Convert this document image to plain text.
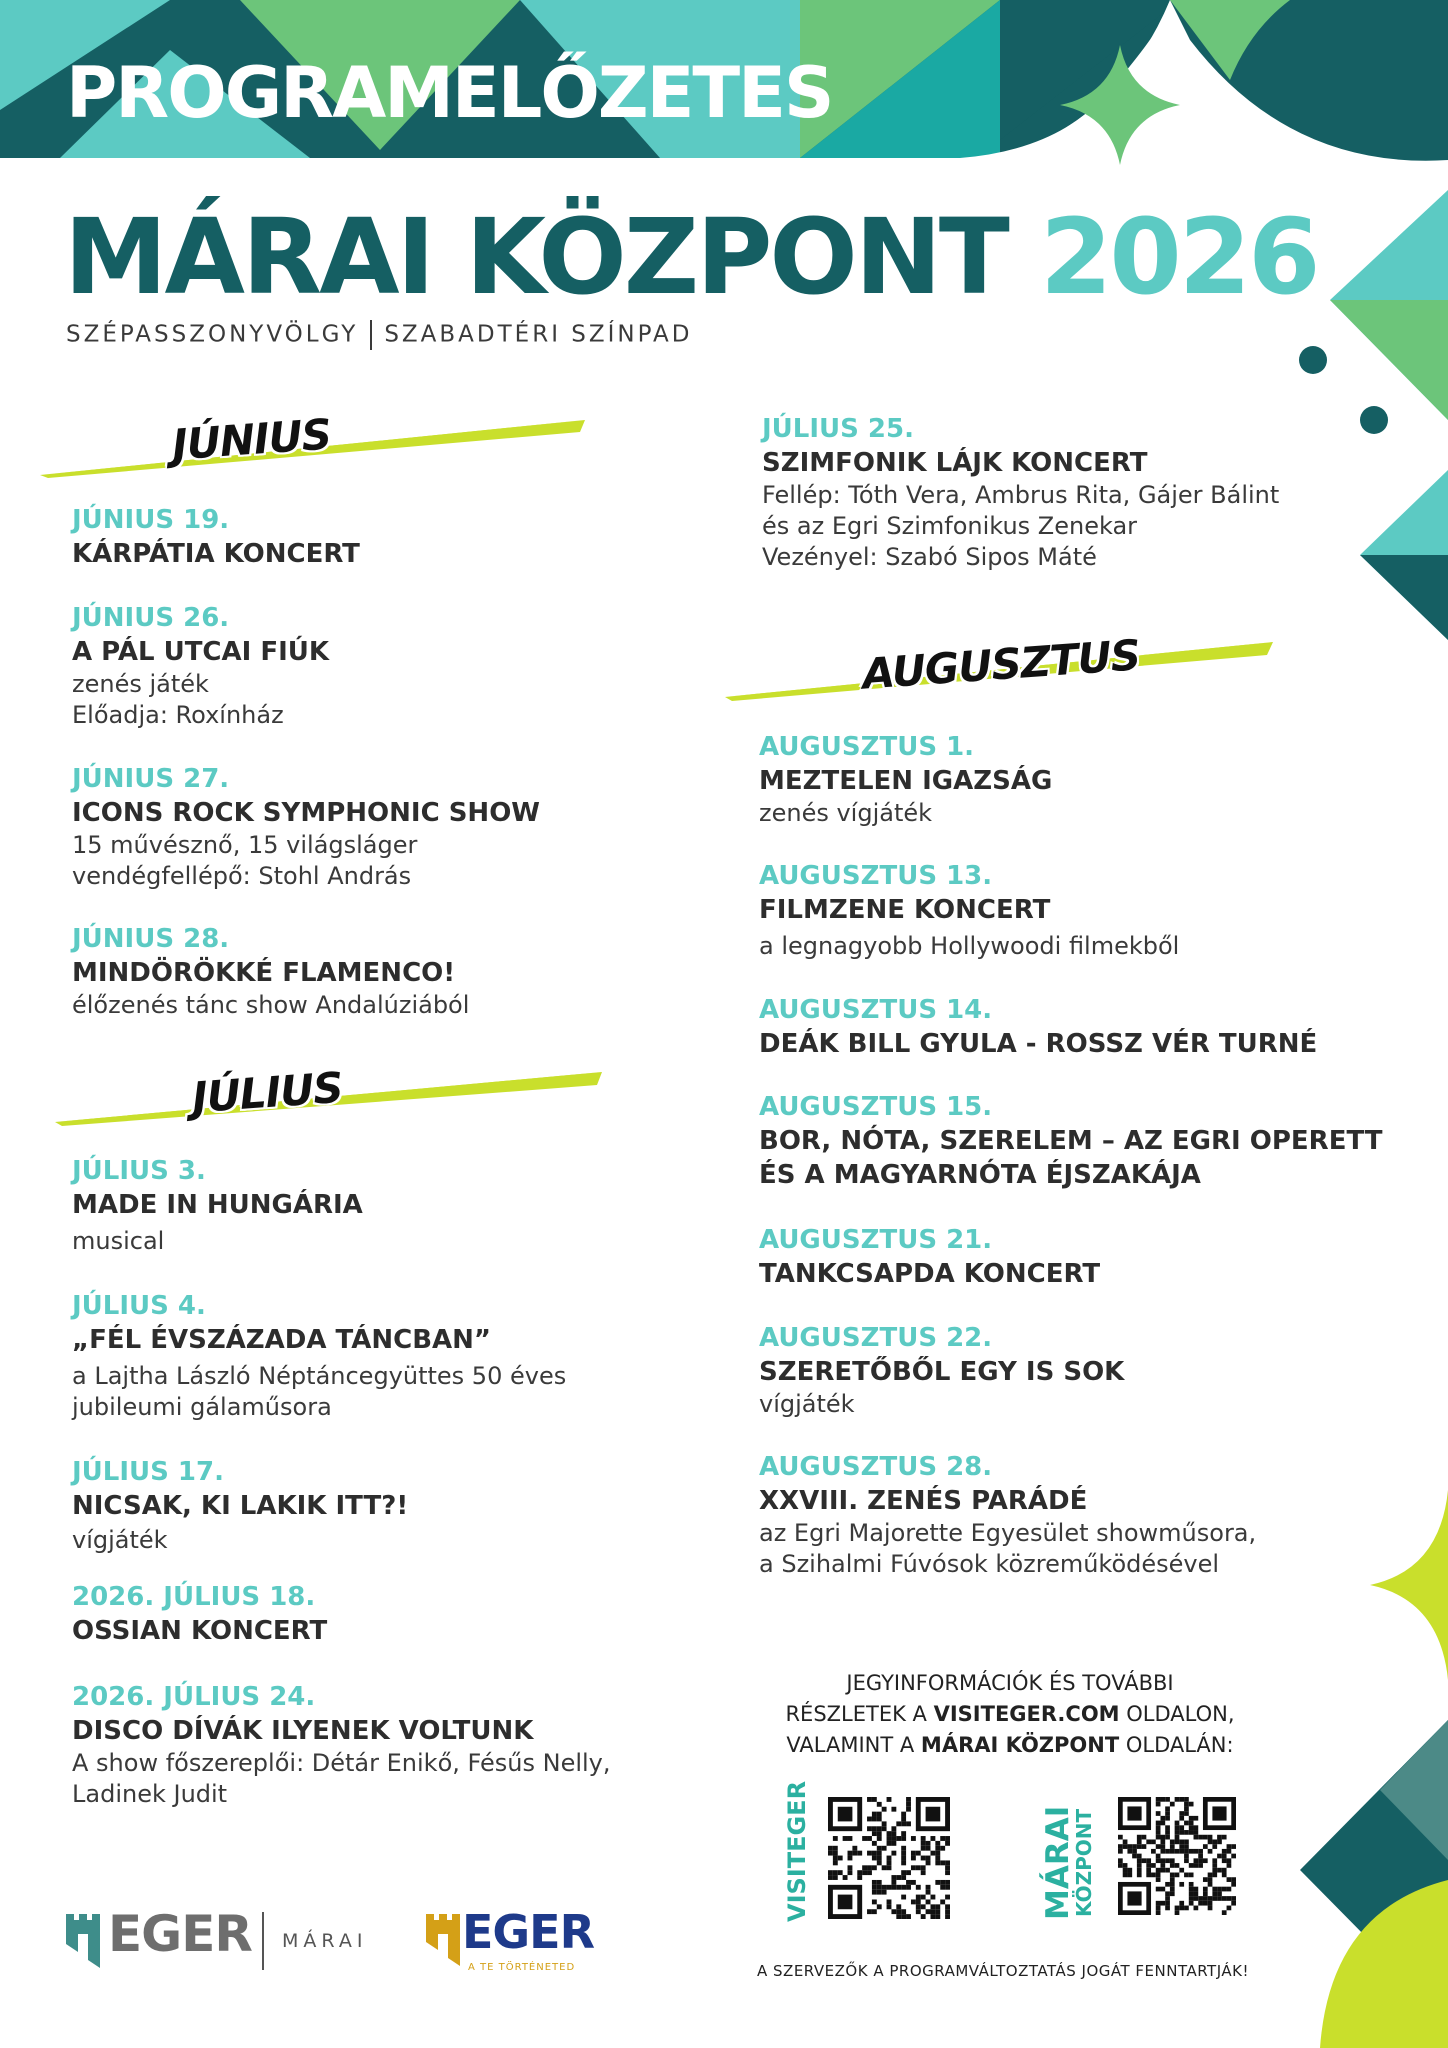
PROGRAMELŐZETES
MÁRAI KÖZPONT 2026
SZÉPASSZONYVÖLGY SZABADTÉRI SZÍNPAD
JÚNIUS
JÚLIUS
AUGUSZTUS
JÚNIUS 19.
KÁRPÁTIA KONCERT
JÚNIUS 26.
A PÁL UTCAI FIÚK
zenés játék
Előadja: Roxínház
JÚNIUS 27.
ICONS ROCK SYMPHONIC SHOW
15 művésznő, 15 világsláger
vendégfellépő: Stohl András
JÚNIUS 28.
MINDÖRÖKKÉ FLAMENCO!
élőzenés tánc show Andalúziából
JÚLIUS 3.
MADE IN HUNGÁRIA
musical
JÚLIUS 4.
„FÉL ÉVSZÁZADA TÁNCBAN”
a Lajtha László Néptáncegyüttes 50 éves
jubileumi gálaműsora
JÚLIUS 17.
NICSAK, KI LAKIK ITT?!
vígjáték
2026. JÚLIUS 18.
OSSIAN KONCERT
2026. JÚLIUS 24.
DISCO DÍVÁK ILYENEK VOLTUNK
A show főszereplői: Détár Enikő, Fésűs Nelly,
Ladinek Judit
JÚLIUS 25.
SZIMFONIK LÁJK KONCERT
Fellép: Tóth Vera, Ambrus Rita, Gájer Bálint
és az Egri Szimfonikus Zenekar
Vezényel: Szabó Sipos Máté
AUGUSZTUS 1.
MEZTELEN IGAZSÁG
zenés vígjáték
AUGUSZTUS 13.
FILMZENE KONCERT
a legnagyobb Hollywoodi filmekből
AUGUSZTUS 14.
DEÁK BILL GYULA - ROSSZ VÉR TURNÉ
AUGUSZTUS 15.
BOR, NÓTA, SZERELEM – AZ EGRI OPERETT
ÉS A MAGYARNÓTA ÉJSZAKÁJA
AUGUSZTUS 21.
TANKCSAPDA KONCERT
AUGUSZTUS 22.
SZERETŐBŐL EGY IS SOK
vígjáték
AUGUSZTUS 28.
XXVIII. ZENÉS PARÁDÉ
az Egri Majorette Egyesület showműsora,
a Szihalmi Fúvósok közreműködésével
JEGYINFORMÁCIÓK ÉS TOVÁBBI
RÉSZLETEK A VISITEGER.COM OLDALON,
VALAMINT A MÁRAI KÖZPONT OLDALÁN:
VISITEGER	MÁRAI
KÖZPONT
A SZERVEZŐK A PROGRAMVÁLTOZTATÁS JOGÁT FENNTARTJÁK!
EGER MÁRAI EGER
A TE TÖRTÉNETED
